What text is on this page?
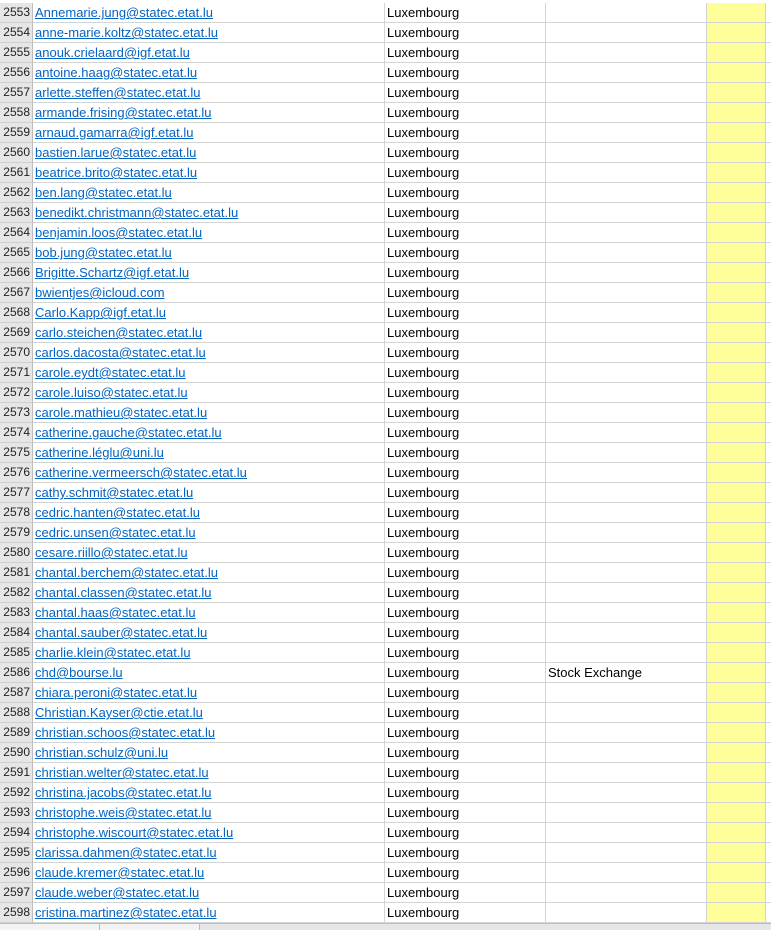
2553 Annemarie.jung@statec.etat.lu	Luxembourg
2554 anne-marie.koltz@statec.etat.lu	Luxembourg
2555 anouk.crielaard@igf.etat.lu	Luxembourg
2556 antoine.haag@statec.etat.lu	Luxembourg
2557 arlette.steffen@statec.etat.lu	Luxembourg
2558 armande.frising@statec.etat.lu	Luxembourg
2559 arnaud.gamarra@igf.etat.lu	Luxembourg
2560 bastien.larue@statec.etat.lu	Luxembourg
2561 beatrice.brito@statec.etat.lu	Luxembourg
2562 ben.lang@statec.etat.lu	Luxembourg
2563 benedikt.christmann@statec.etat.lu	Luxembourg
2564 benjamin.loos@statec.etat.lu	Luxembourg
2565 bob.jung@statec.etat.lu	Luxembourg
2566 Brigitte.Schartz@igf.etat.lu	Luxembourg
2567 bwientjes@icloud.com	Luxembourg
2568 Carlo.Kapp@igf.etat.lu	Luxembourg
2569 carlo.steichen@statec.etat.lu	Luxembourg
2570 carlos.dacosta@statec.etat.lu	Luxembourg
2571 carole.eydt@statec.etat.lu	Luxembourg
2572 carole.luiso@statec.etat.lu	Luxembourg
2573 carole.mathieu@statec.etat.lu	Luxembourg
2574 catherine.gauche@statec.etat.lu	Luxembourg
2575 catherine.léglu@uni.lu	Luxembourg
2576 catherine.vermeersch@statec.etat.lu	Luxembourg
2577 cathy.schmit@statec.etat.lu	Luxembourg
2578 cedric.hanten@statec.etat.lu	Luxembourg
2579 cedric.unsen@statec.etat.lu	Luxembourg
2580 cesare.riillo@statec.etat.lu	Luxembourg
2581 chantal.berchem@statec.etat.lu	Luxembourg
2582 chantal.classen@statec.etat.lu	Luxembourg
2583 chantal.haas@statec.etat.lu	Luxembourg
2584 chantal.sauber@statec.etat.lu	Luxembourg
2585 charlie.klein@statec.etat.lu	Luxembourg
2586 chd@bourse.lu	Luxembourg	Stock Exchange
2587 chiara.peroni@statec.etat.lu	Luxembourg
2588 Christian.Kayser@ctie.etat.lu	Luxembourg
2589 christian.schoos@statec.etat.lu	Luxembourg
2590 christian.schulz@uni.lu	Luxembourg
2591 christian.welter@statec.etat.lu	Luxembourg
2592 christina.jacobs@statec.etat.lu	Luxembourg
2593 christophe.weis@statec.etat.lu	Luxembourg
2594 christophe.wiscourt@statec.etat.lu	Luxembourg
2595 clarissa.dahmen@statec.etat.lu	Luxembourg
2596 claude.kremer@statec.etat.lu	Luxembourg
2597 claude.weber@statec.etat.lu	Luxembourg
2598 cristina.martinez@statec.etat.lu	Luxembourg
